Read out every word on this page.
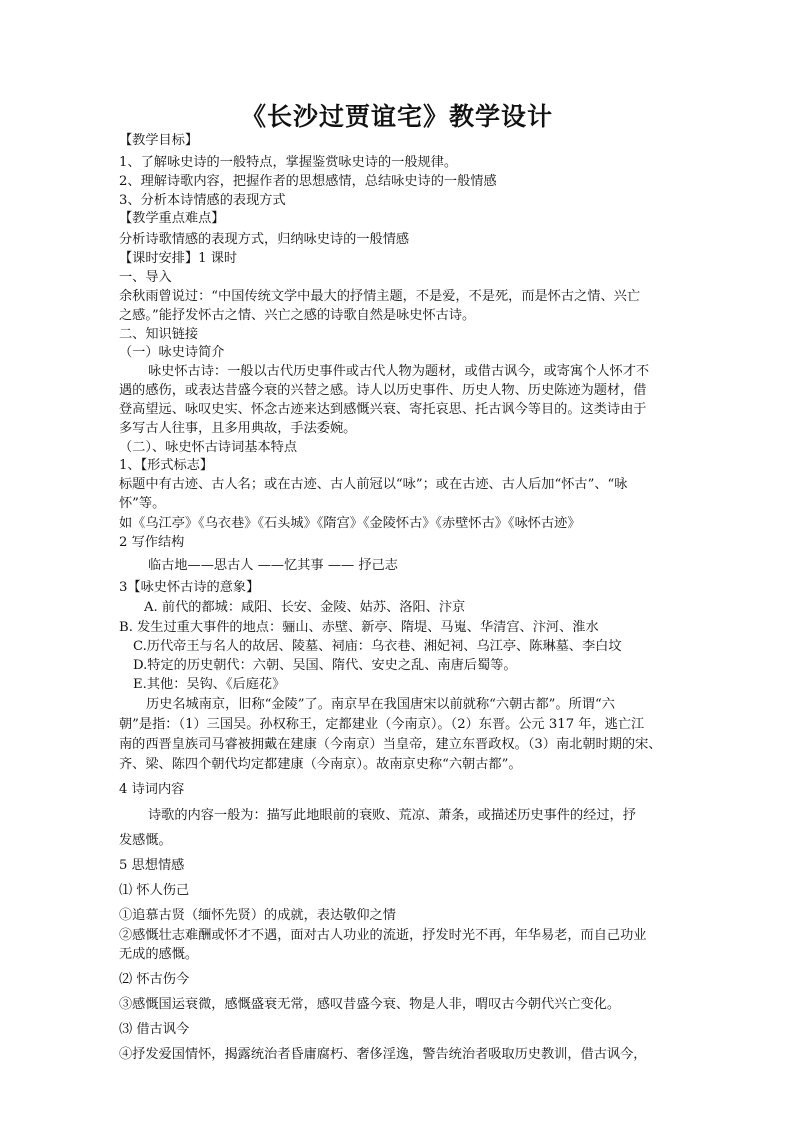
《长沙过贾谊宅》教学设计
【教学目标】
1、了解咏史诗的一般特点，掌握鉴赏咏史诗的一般规律。
2、理解诗歌内容，把握作者的思想感情，总结咏史诗的一般情感
3、分析本诗情感的表现方式
【教学重点难点】
分析诗歌情感的表现方式，归纳咏史诗的一般情感
【课时安排】1 课时
一、导入
余秋雨曾说过：“中国传统文学中最大的抒情主题，不是爱，不是死，而是怀古之情、兴亡
之感。”能抒发怀古之情、兴亡之感的诗歌自然是咏史怀古诗。
二、知识链接
（一）咏史诗简介
咏史怀古诗：一般以古代历史事件或古代人物为题材，或借古讽今，或寄寓个人怀才不
遇的感伤，或表达昔盛今衰的兴替之感。诗人以历史事件、历史人物、历史陈迹为题材，借
登高望远、咏叹史实、怀念古迹来达到感慨兴衰、寄托哀思、托古讽今等目的。这类诗由于
多写古人往事，且多用典故，手法委婉。
（二）、咏史怀古诗词基本特点
1、【形式标志】
标题中有古迹、古人名；或在古迹、古人前冠以“咏”；或在古迹、古人后加“怀古”、“咏
怀”等。
如《乌江亭》《乌衣巷》《石头城》《隋宫》《金陵怀古》《赤壁怀古》《咏怀古迹》
2 写作结构
临古地——思古人 ——忆其事 —— 抒己志
3【咏史怀古诗的意象】
A. 前代的都城：咸阳、长安、金陵、姑苏、洛阳、汴京
B. 发生过重大事件的地点：骊山、赤壁、新亭、隋堤、马嵬、华清宫、汴河、淮水
C.历代帝王与名人的故居、陵墓、祠庙：乌衣巷、湘妃祠、乌江亭、陈琳墓、李白坟
D.特定的历史朝代：六朝、吴国、隋代、安史之乱、南唐后蜀等。
E.其他：吴钩、《后庭花》
历史名城南京，旧称“金陵”了。南京早在我国唐宋以前就称“六朝古都”。所谓“六
朝”是指：（1）三国吴。孙权称王，定都建业（今南京）。（2）东晋。公元 317 年，逃亡江
南的西晋皇族司马睿被拥戴在建康（今南京）当皇帝，建立东晋政权。（3）南北朝时期的宋、
齐、梁、陈四个朝代均定都建康（今南京）。故南京史称“六朝古都”。
4 诗词内容
诗歌的内容一般为：描写此地眼前的衰败、荒凉、萧条，或描述历史事件的经过，抒
发感慨。
5 思想情感
⑴ 怀人伤己
①追慕古贤（缅怀先贤）的成就，表达敬仰之情
②感慨壮志难酬或怀才不遇，面对古人功业的流逝，抒发时光不再，年华易老，而自己功业
无成的感慨。
⑵ 怀古伤今
③感慨国运衰微，感慨盛衰无常，感叹昔盛今衰、物是人非，喟叹古今朝代兴亡变化。
⑶ 借古讽今
④抒发爱国情怀，揭露统治者昏庸腐朽、奢侈淫逸，警告统治者吸取历史教训，借古讽今，
